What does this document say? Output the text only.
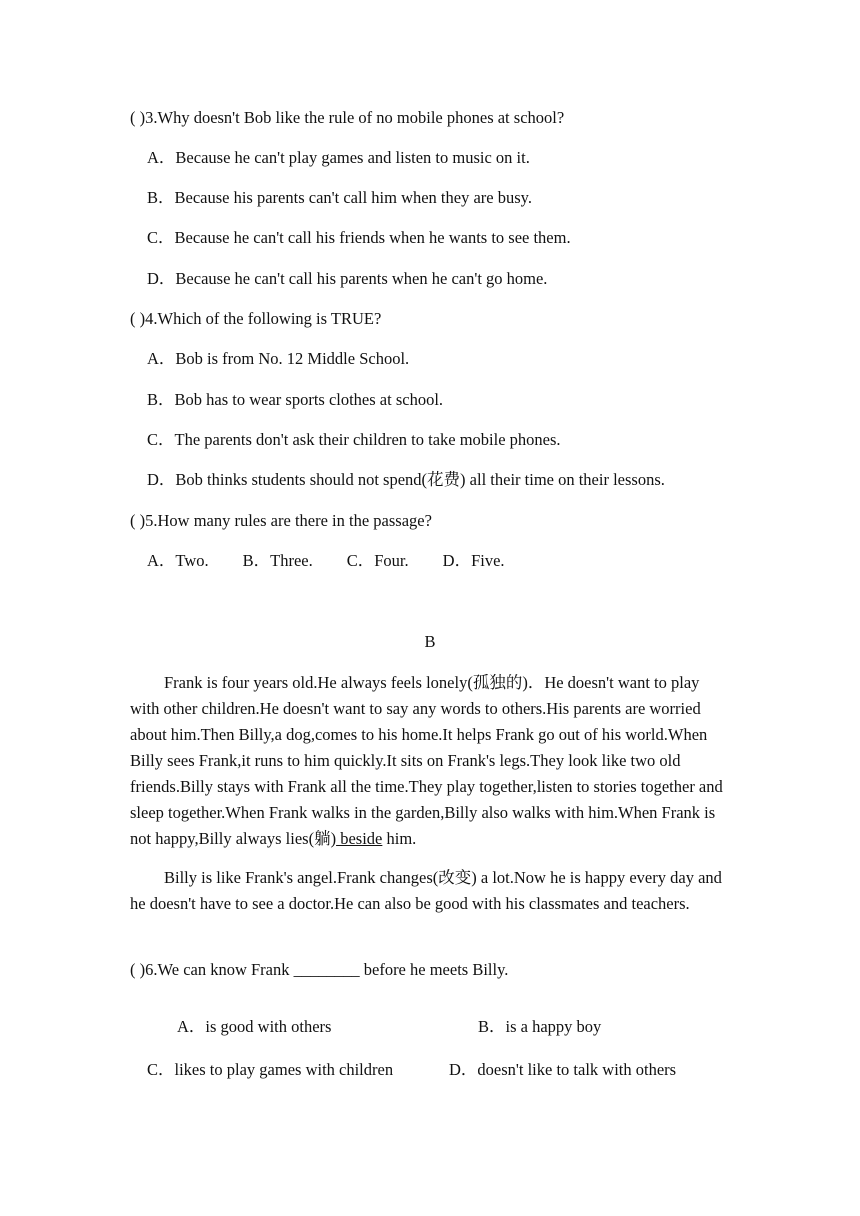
( )3.Why doesn't Bob like the rule of no mobile phones at school?
A．Because he can't play games and listen to music on it.
B．Because his parents can't call him when they are busy.
C．Because he can't call his friends when he wants to see them.
D．Because he can't call his parents when he can't go home.
( )4.Which of the following is TRUE?
A．Bob is from No. 12 Middle School.
B．Bob has to wear sports clothes at school.
C．The parents don't ask their children to take mobile phones.
D．Bob thinks students should not spend(花费) all their time on their lessons.
( )5.How many rules are there in the passage?
A．Two. B．Three. C．Four. D．Five.
B
Frank is four years old.He always feels lonely(孤独的)．He doesn't want to play with other children.He doesn't want to say any words to others.His parents are worried about him.Then Billy,a dog,comes to his home.It helps Frank go out of his world.When Billy sees Frank,it runs to him quickly.It sits on Frank's legs.They look like two old friends.Billy stays with Frank all the time.They play together,listen to stories together and sleep together.When Frank walks in the garden,Billy also walks with him.When Frank is not happy,Billy always lies(躺) beside him.
Billy is like Frank's angel.Frank changes(改变) a lot.Now he is happy every day and he doesn't have to see a doctor.He can also be good with his classmates and teachers.
( )6.We can know Frank ________ before he meets Billy.
A．is good with others	B．is a happy boy
C．likes to play games with children	D．doesn't like to talk with others
